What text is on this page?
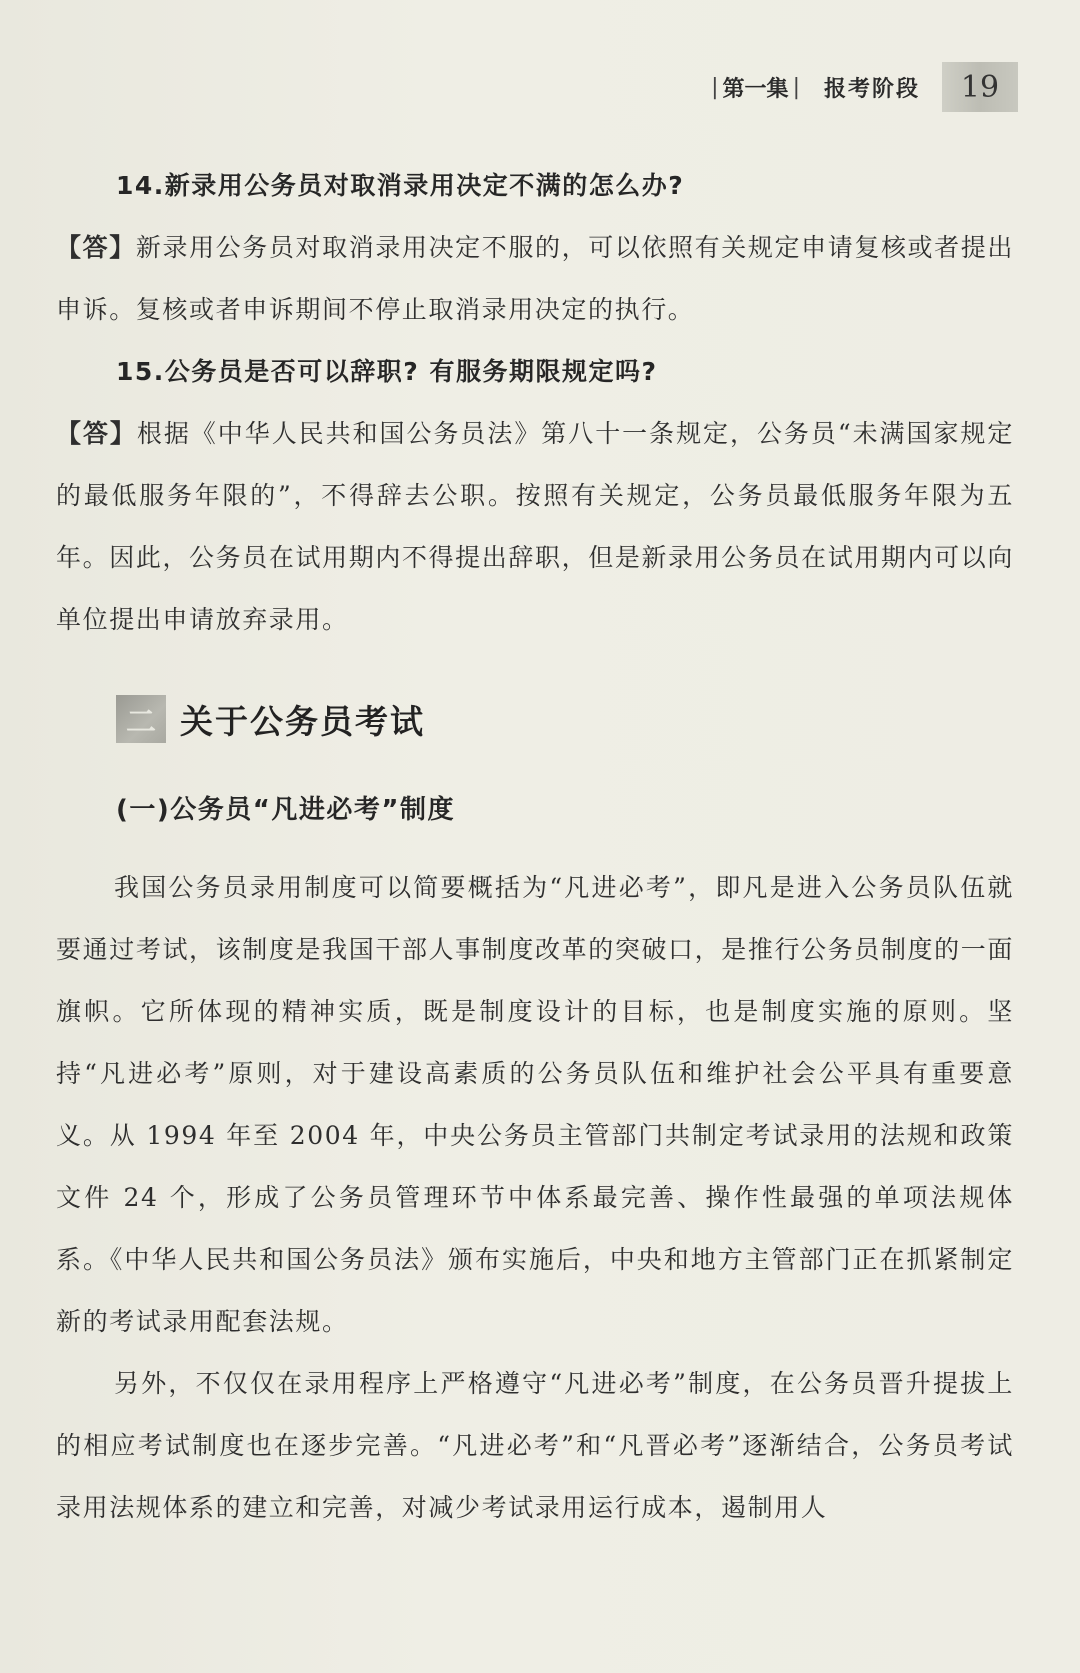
| 第一集 | 报考阶段	19
14.新录用公务员对取消录用决定不满的怎么办?

【答】新录用公务员对取消录用决定不服的，可以依照有关规定申请复核或者提出申诉。复核或者申诉期间不停止取消录用决定的执行。

15.公务员是否可以辞职? 有服务期限规定吗?

【答】根据《中华人民共和国公务员法》第八十一条规定，公务员“未满国家规定的最低服务年限的”，不得辞去公职。按照有关规定，公务员最低服务年限为五年。因此，公务员在试用期内不得提出辞职，但是新录用公务员在试用期内可以向单位提出申请放弃录用。

二 关于公务员考试
(一)公务员“凡进必考”制度

我国公务员录用制度可以简要概括为“凡进必考”，即凡是进入公务员队伍就要通过考试，该制度是我国干部人事制度改革的突破口，是推行公务员制度的一面旗帜。它所体现的精神实质，既是制度设计的目标，也是制度实施的原则。坚持“凡进必考”原则，对于建设高素质的公务员队伍和维护社会公平具有重要意义。从 1994 年至 2004 年，中央公务员主管部门共制定考试录用的法规和政策文件 24 个，形成了公务员管理环节中体系最完善、操作性最强的单项法规体系。《中华人民共和国公务员法》颁布实施后，中央和地方主管部门正在抓紧制定新的考试录用配套法规。

另外，不仅仅在录用程序上严格遵守“凡进必考”制度，在公务员晋升提拔上的相应考试制度也在逐步完善。“凡进必考”和“凡晋必考”逐渐结合，公务员考试录用法规体系的建立和完善，对减少考试录用运行成本，遏制用人
